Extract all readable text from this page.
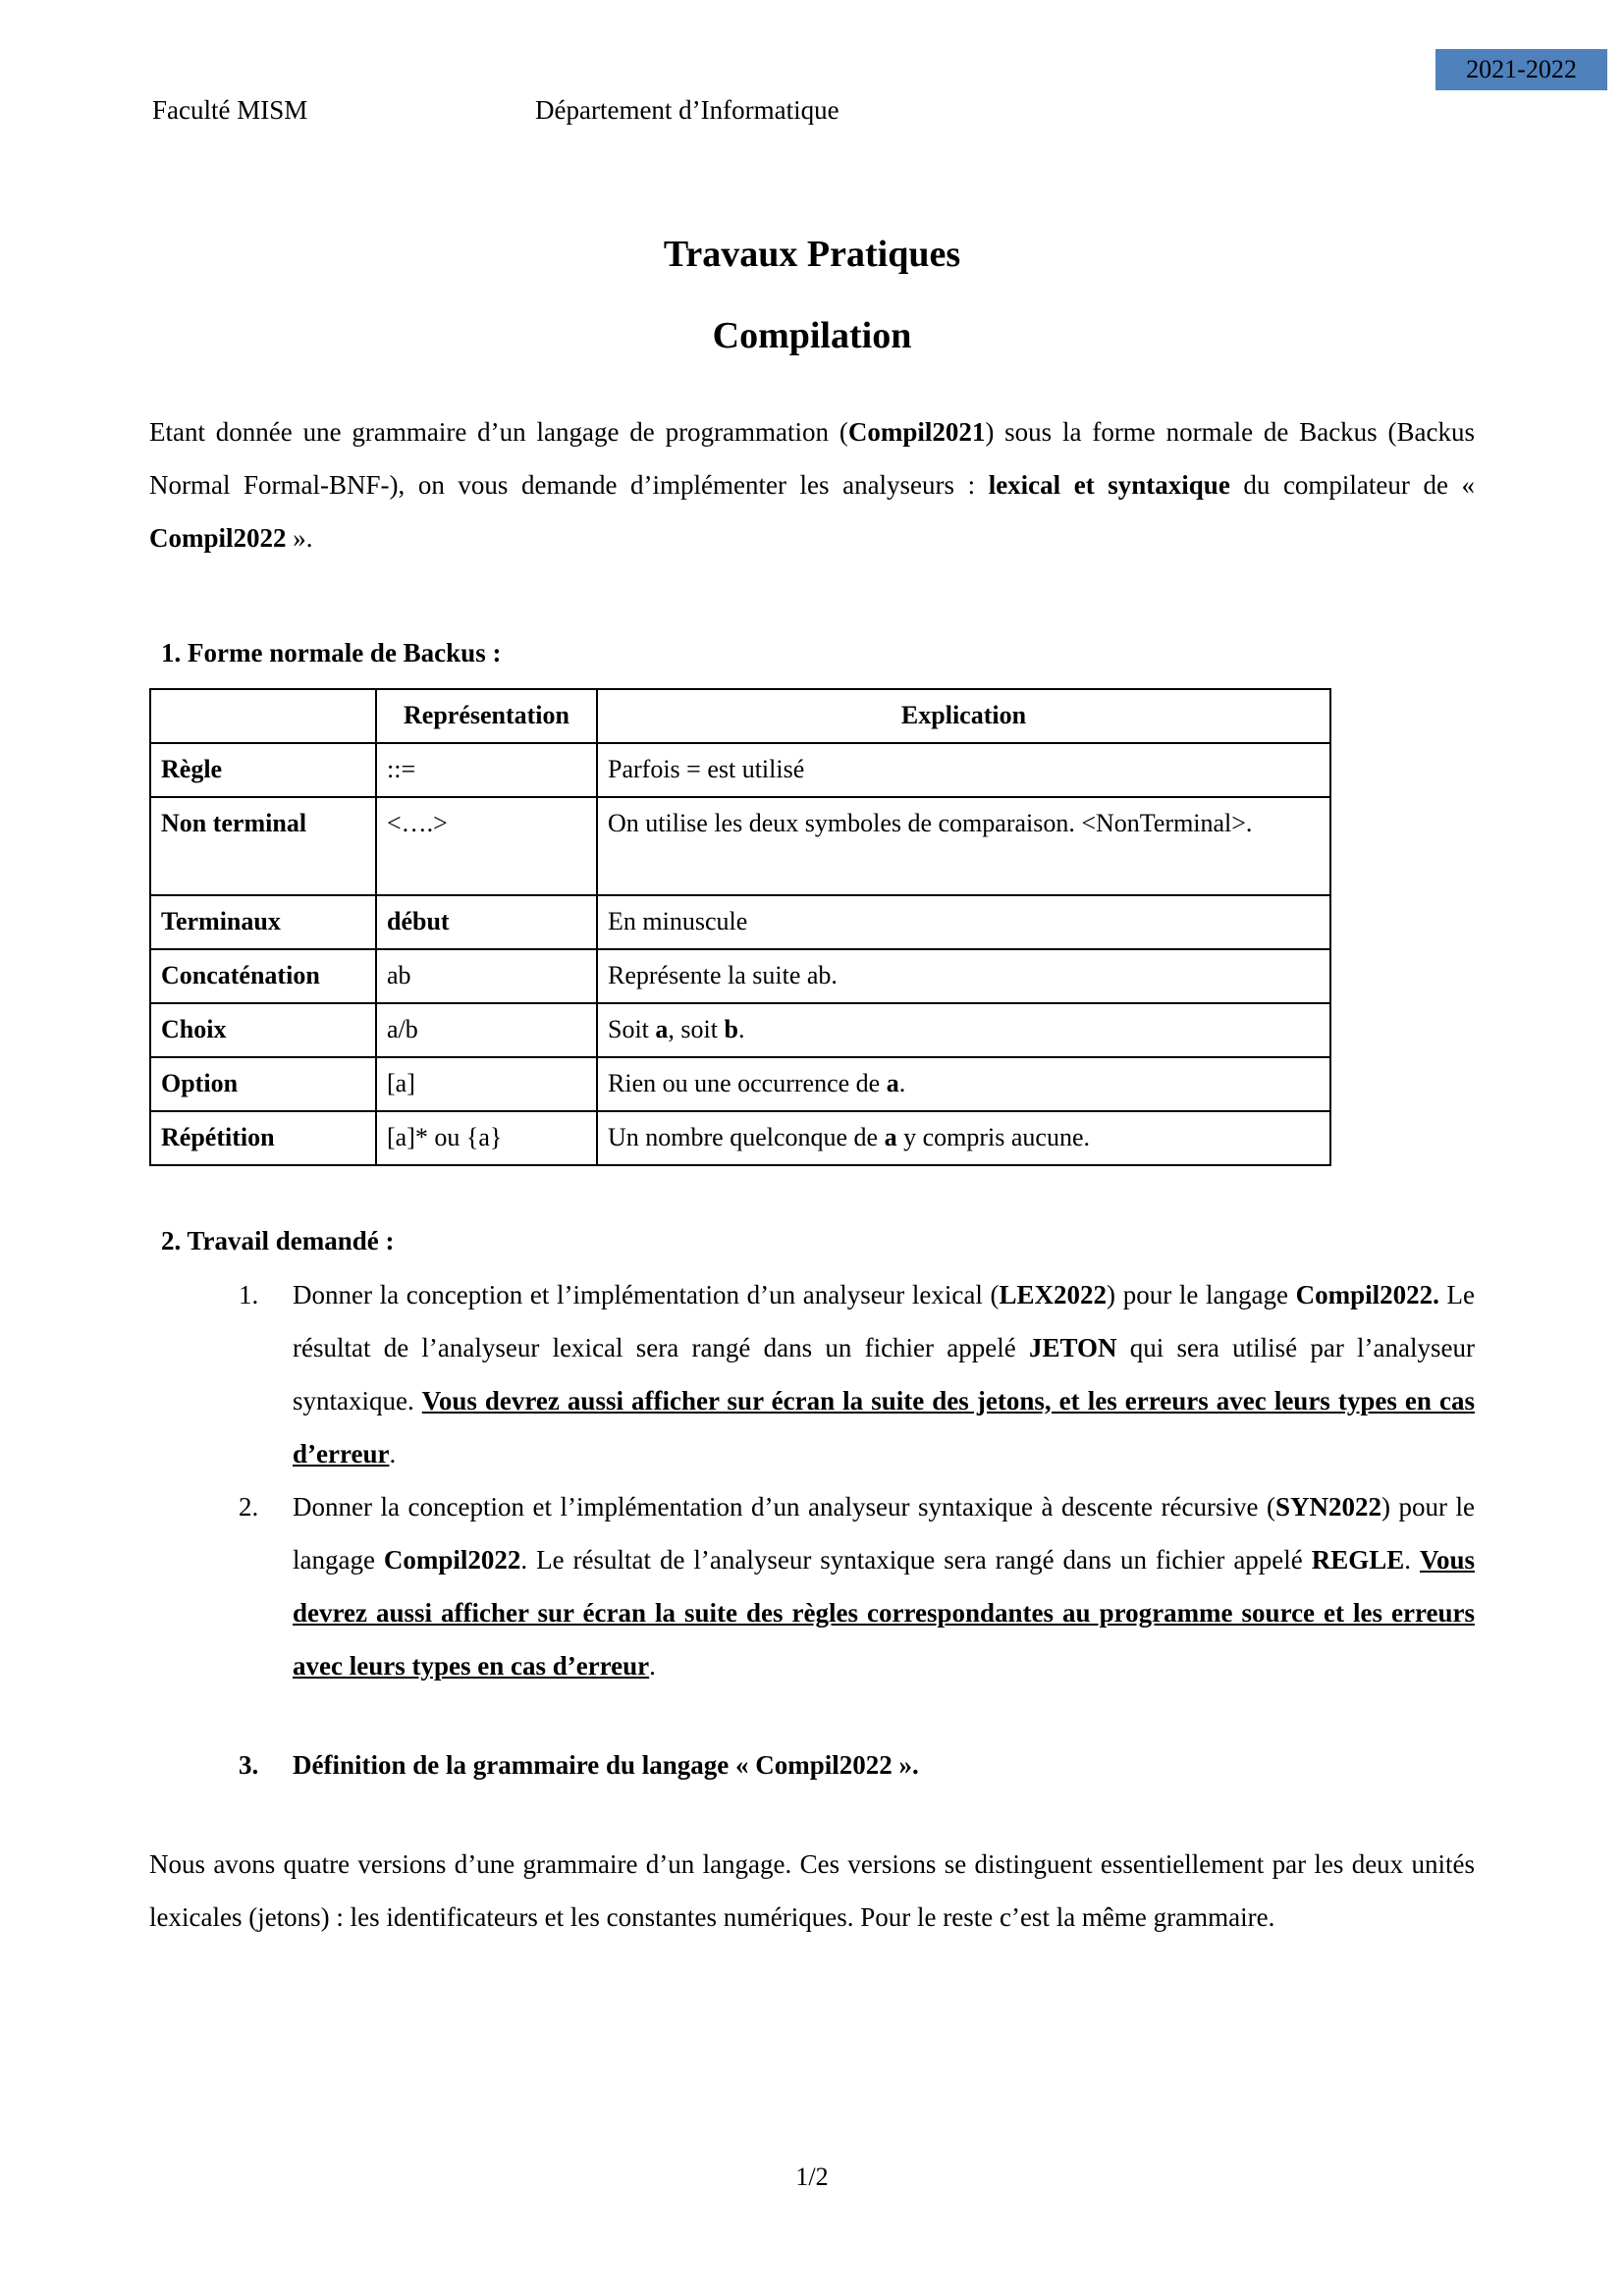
2021-2022
Faculté MISM	Département d’Informatique
Travaux Pratiques
Compilation

Etant donnée une grammaire d’un langage de programmation (Compil2021) sous la forme normale de Backus (Backus Normal Formal-BNF-), on vous demande d’implémenter les analyseurs : lexical et syntaxique du compilateur de « Compil2022 ».

1. Forme normale de Backus :
	Représentation	Explication
Règle	::=	Parfois = est utilisé
Non terminal	<….>	On utilise les deux symboles de comparaison. <NonTerminal>.
Terminaux	début	En minuscule
Concaténation	ab	Représente la suite ab.
Choix	a/b	Soit a, soit b.
Option	[a]	Rien ou une occurrence de a.
Répétition	[a]* ou {a}	Un nombre quelconque de a y compris aucune.
2. Travail demandé :
1. Donner la conception et l’implémentation d’un analyseur lexical (LEX2022) pour le langage Compil2022. Le résultat de l’analyseur lexical sera rangé dans un fichier appelé JETON qui sera utilisé par l’analyseur syntaxique. Vous devrez aussi afficher sur écran la suite des jetons, et les erreurs avec leurs types en cas d’erreur.
2. Donner la conception et l’implémentation d’un analyseur syntaxique à descente récursive (SYN2022) pour le langage Compil2022. Le résultat de l’analyseur syntaxique sera rangé dans un fichier appelé REGLE. Vous devrez aussi afficher sur écran la suite des règles correspondantes au programme source et les erreurs avec leurs types en cas d’erreur.
3. Définition de la grammaire du langage « Compil2022 ».

Nous avons quatre versions d’une grammaire d’un langage. Ces versions se distinguent essentiellement par les deux unités lexicales (jetons) : les identificateurs et les constantes numériques. Pour le reste c’est la même grammaire.

1/2
